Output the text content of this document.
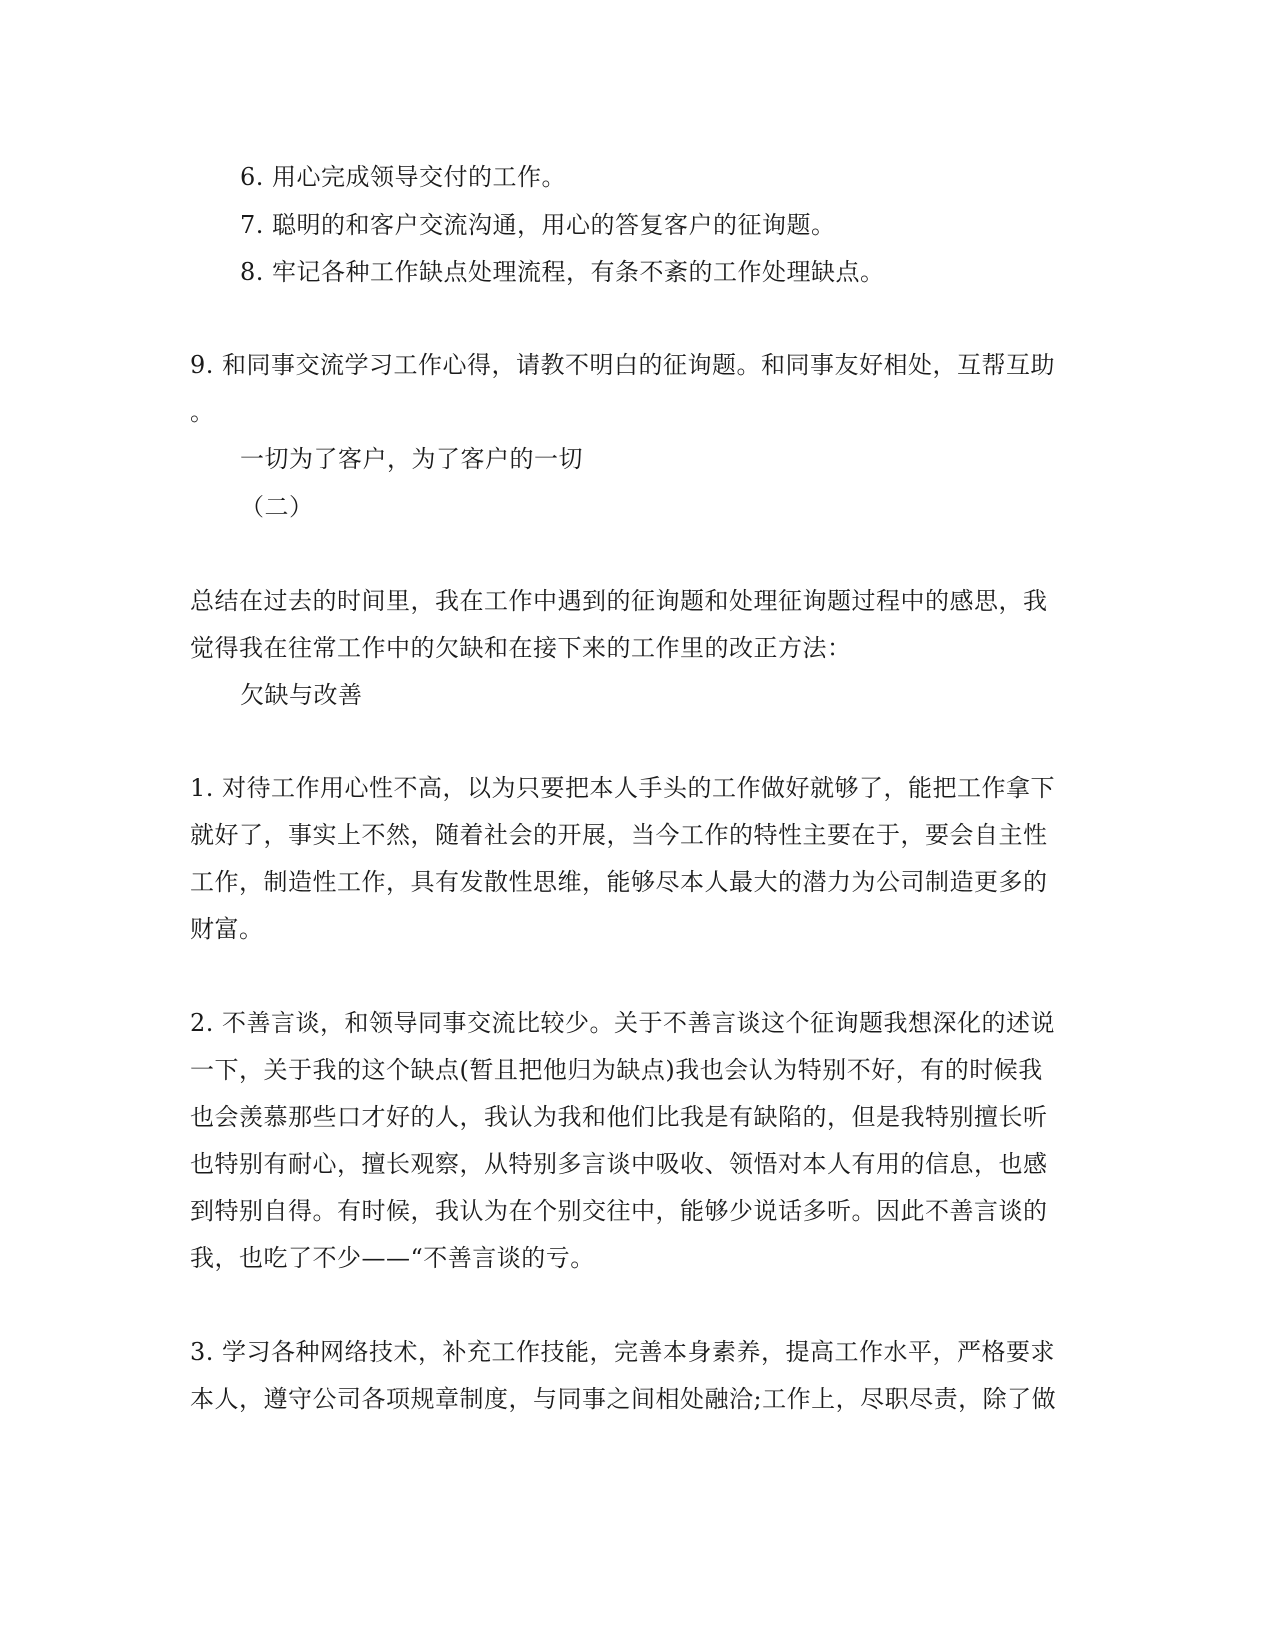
6. 用心完成领导交付的工作。

7. 聪明的和客户交流沟通，用心的答复客户的征询题。

8. 牢记各种工作缺点处理流程，有条不紊的工作处理缺点。

9. 和同事交流学习工作心得，请教不明白的征询题。和同事友好相处，互帮互助

。

一切为了客户，为了客户的一切

（二）

总结在过去的时间里，我在工作中遇到的征询题和处理征询题过程中的感思，我

觉得我在往常工作中的欠缺和在接下来的工作里的改正方法：

欠缺与改善

1. 对待工作用心性不高，以为只要把本人手头的工作做好就够了，能把工作拿下

就好了，事实上不然，随着社会的开展，当今工作的特性主要在于，要会自主性

工作，制造性工作，具有发散性思维，能够尽本人最大的潜力为公司制造更多的

财富。

2. 不善言谈，和领导同事交流比较少。关于不善言谈这个征询题我想深化的述说

一下，关于我的这个缺点(暂且把他归为缺点)我也会认为特别不好，有的时候我

也会羡慕那些口才好的人，我认为我和他们比我是有缺陷的，但是我特别擅长听

也特别有耐心，擅长观察，从特别多言谈中吸收、领悟对本人有用的信息，也感

到特别自得。有时候，我认为在个别交往中，能够少说话多听。因此不善言谈的

我，也吃了不少——“不善言谈的亏。

3. 学习各种网络技术，补充工作技能，完善本身素养，提高工作水平，严格要求

本人，遵守公司各项规章制度，与同事之间相处融洽;工作上，尽职尽责，除了做
